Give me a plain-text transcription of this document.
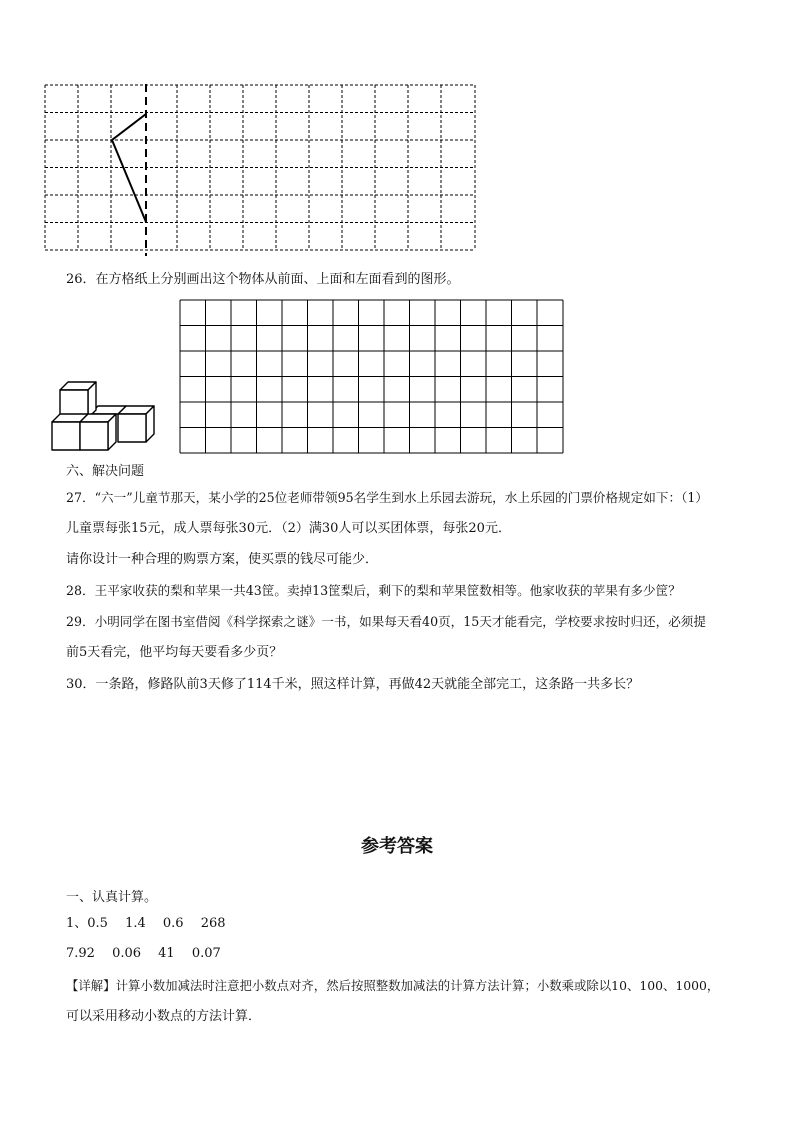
26．在方格纸上分别画出这个物体从前面、上面和左面看到的图形。
六、解决问题
27．“六一”儿童节那天，某小学的25位老师带领95名学生到水上乐园去游玩，水上乐园的门票价格规定如下：（1）
儿童票每张15元，成人票每张30元．（2）满30人可以买团体票，每张20元．
请你设计一种合理的购票方案，使买票的钱尽可能少．
28．王平家收获的梨和苹果一共43筐。卖掉13筐梨后，剩下的梨和苹果筐数相等。他家收获的苹果有多少筐？
29．小明同学在图书室借阅《科学探索之谜》一书，如果每天看40页，15天才能看完，学校要求按时归还，必须提
前5天看完，他平均每天要看多少页？
30．一条路，修路队前3天修了114千米，照这样计算，再做42天就能全部完工，这条路一共多长？
参考答案
一、认真计算。
1、0.5　 1.4　 0.6　 268
7.92　 0.06　 41　 0.07
【详解】计算小数加减法时注意把小数点对齐，然后按照整数加减法的计算方法计算；小数乘或除以10、100、1000，
可以采用移动小数点的方法计算．
